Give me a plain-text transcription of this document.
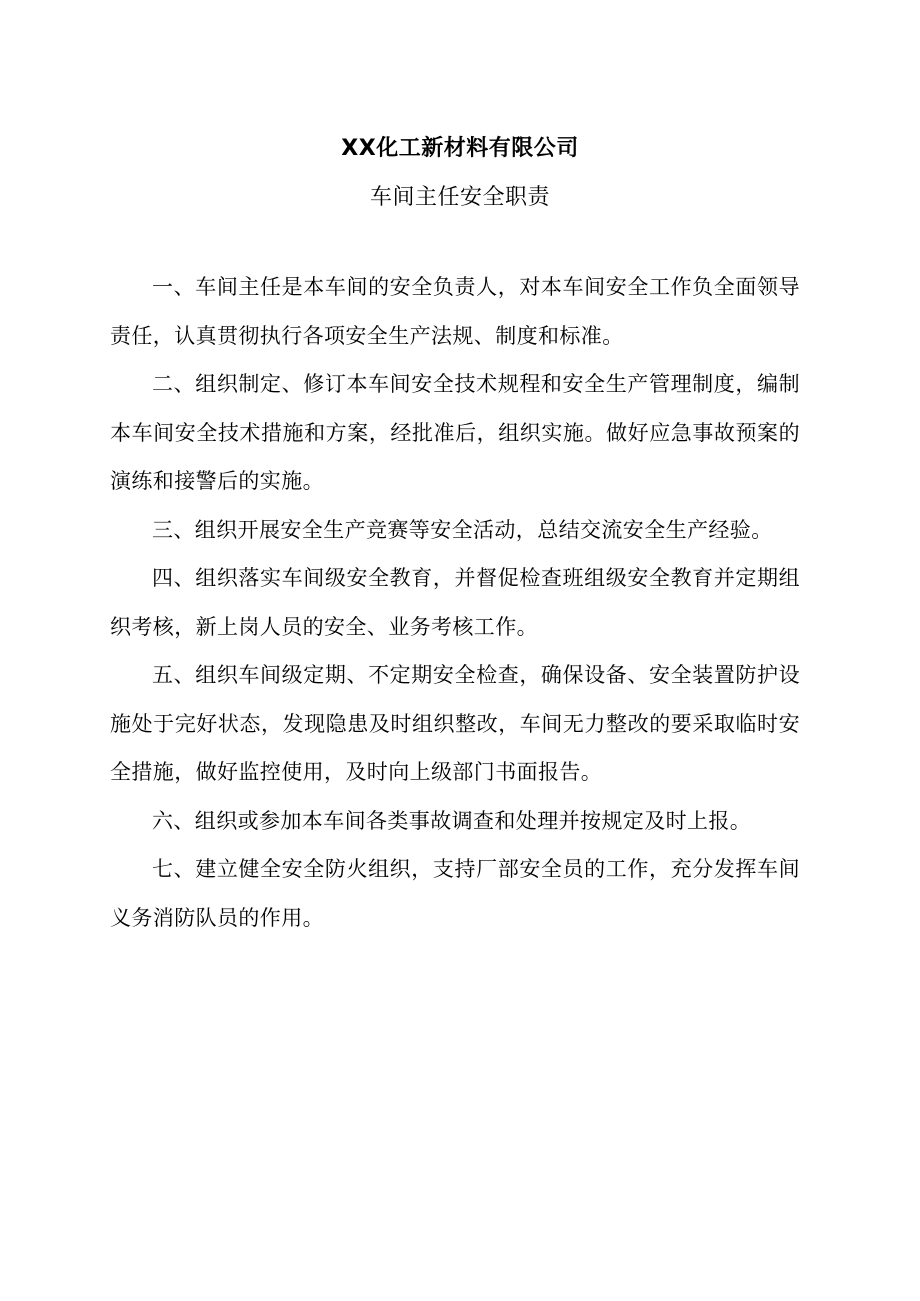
XX化工新材料有限公司
车间主任安全职责

一、车间主任是本车间的安全负责人，对本车间安全工作负全面领导责任，认真贯彻执行各项安全生产法规、制度和标准。

二、组织制定、修订本车间安全技术规程和安全生产管理制度，编制本车间安全技术措施和方案，经批准后，组织实施。做好应急事故预案的演练和接警后的实施。

三、组织开展安全生产竞赛等安全活动，总结交流安全生产经验。

四、组织落实车间级安全教育，并督促检查班组级安全教育并定期组织考核，新上岗人员的安全、业务考核工作。

五、组织车间级定期、不定期安全检查，确保设备、安全装置防护设施处于完好状态，发现隐患及时组织整改，车间无力整改的要采取临时安全措施，做好监控使用，及时向上级部门书面报告。

六、组织或参加本车间各类事故调查和处理并按规定及时上报。

七、建立健全安全防火组织，支持厂部安全员的工作，充分发挥车间义务消防队员的作用。
